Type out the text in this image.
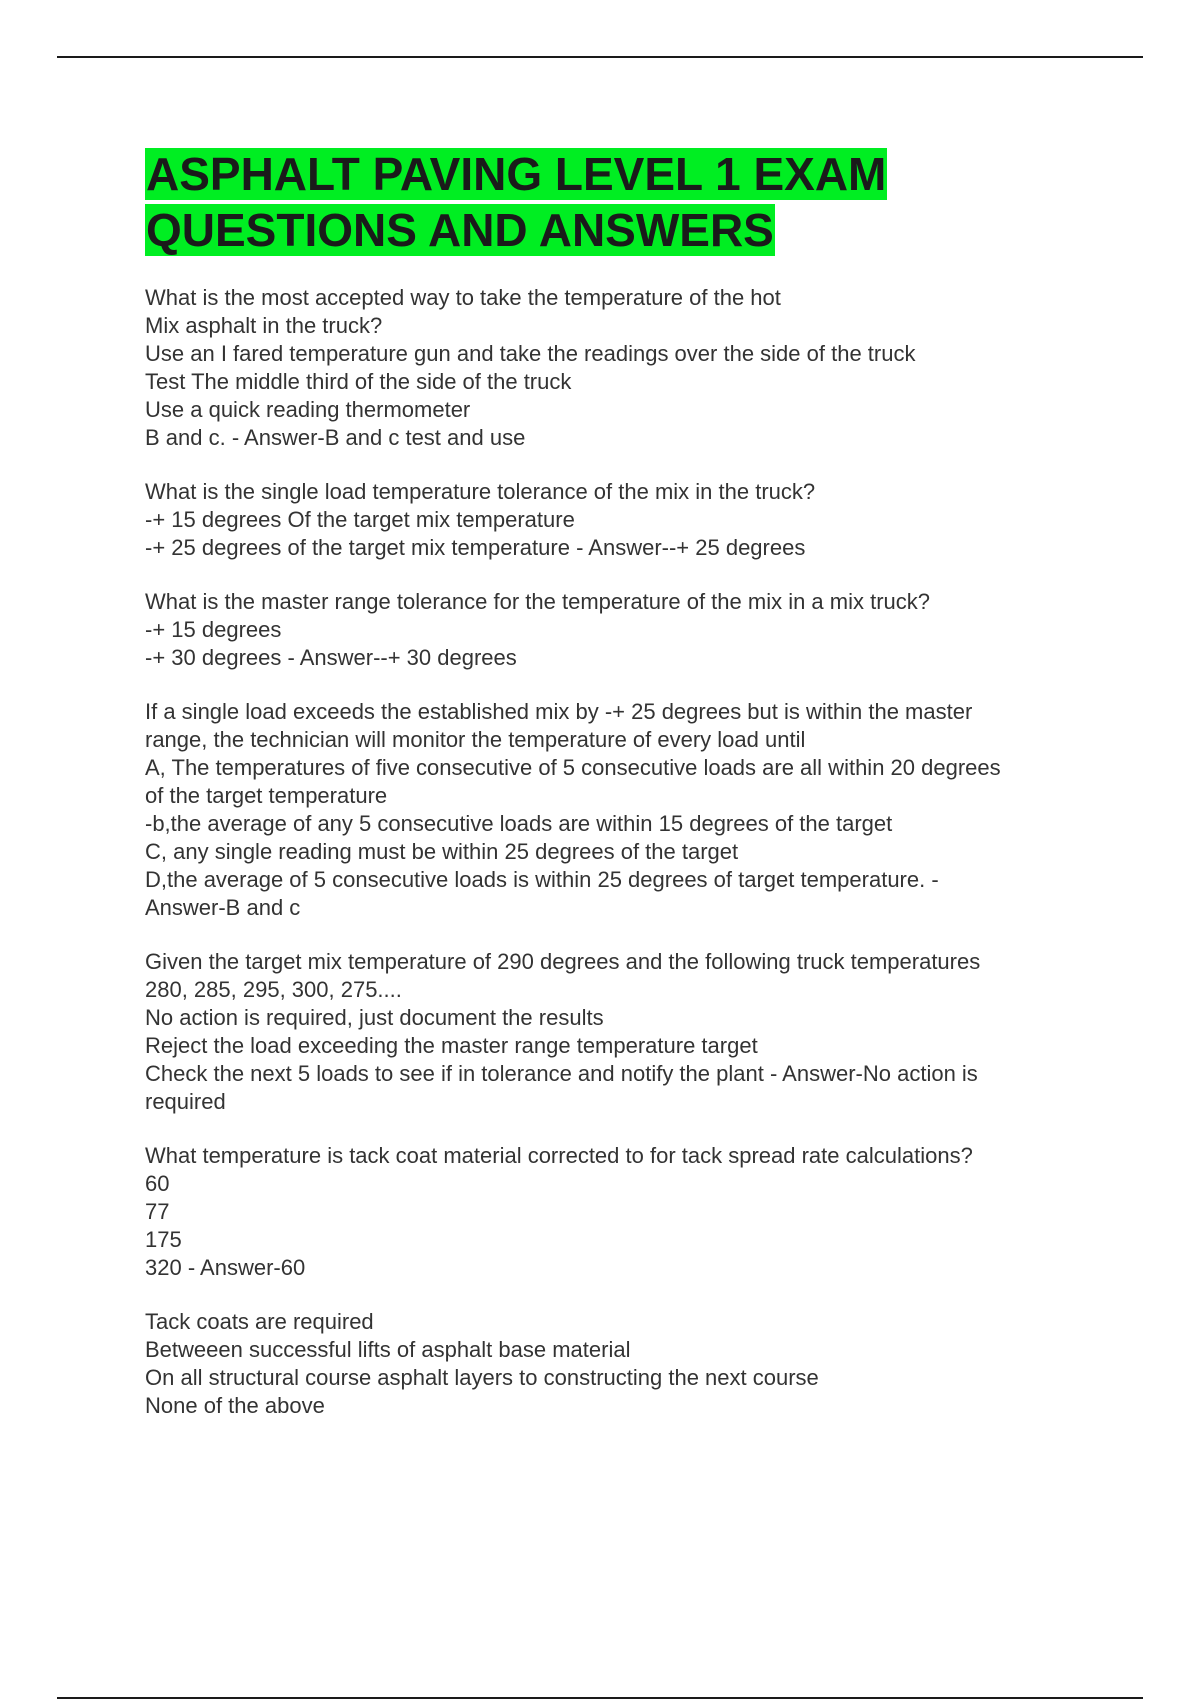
ASPHALT PAVING LEVEL 1 EXAM
QUESTIONS AND ANSWERS
What is the most accepted way to take the temperature of the hot
Mix asphalt in the truck?
Use an I fared temperature gun and take the readings over the side of the truck
Test The middle third of the side of the truck
Use a quick reading thermometer
B and c. - Answer-B and c test and use
What is the single load temperature tolerance of the mix in the truck?
-+ 15 degrees Of the target mix temperature
-+ 25 degrees of the target mix temperature - Answer--+ 25 degrees
What is the master range tolerance for the temperature of the mix in a mix truck?
-+ 15 degrees
-+ 30 degrees - Answer--+ 30 degrees
If a single load exceeds the established mix by -+ 25 degrees but is within the master
range, the technician will monitor the temperature of every load until
A, The temperatures of five consecutive of 5 consecutive loads are all within 20 degrees
of the target temperature
-b,the average of any 5 consecutive loads are within 15 degrees of the target
C, any single reading must be within 25 degrees of the target
D,the average of 5 consecutive loads is within 25 degrees of target temperature. -
Answer-B and c
Given the target mix temperature of 290 degrees and the following truck temperatures
280, 285, 295, 300, 275....
No action is required, just document the results
Reject the load exceeding the master range temperature target
Check the next 5 loads to see if in tolerance and notify the plant - Answer-No action is
required
What temperature is tack coat material corrected to for tack spread rate calculations?
60
77
175
320 - Answer-60
Tack coats are required
Betweeen successful lifts of asphalt base material
On all structural course asphalt layers to constructing the next course
None of the above
